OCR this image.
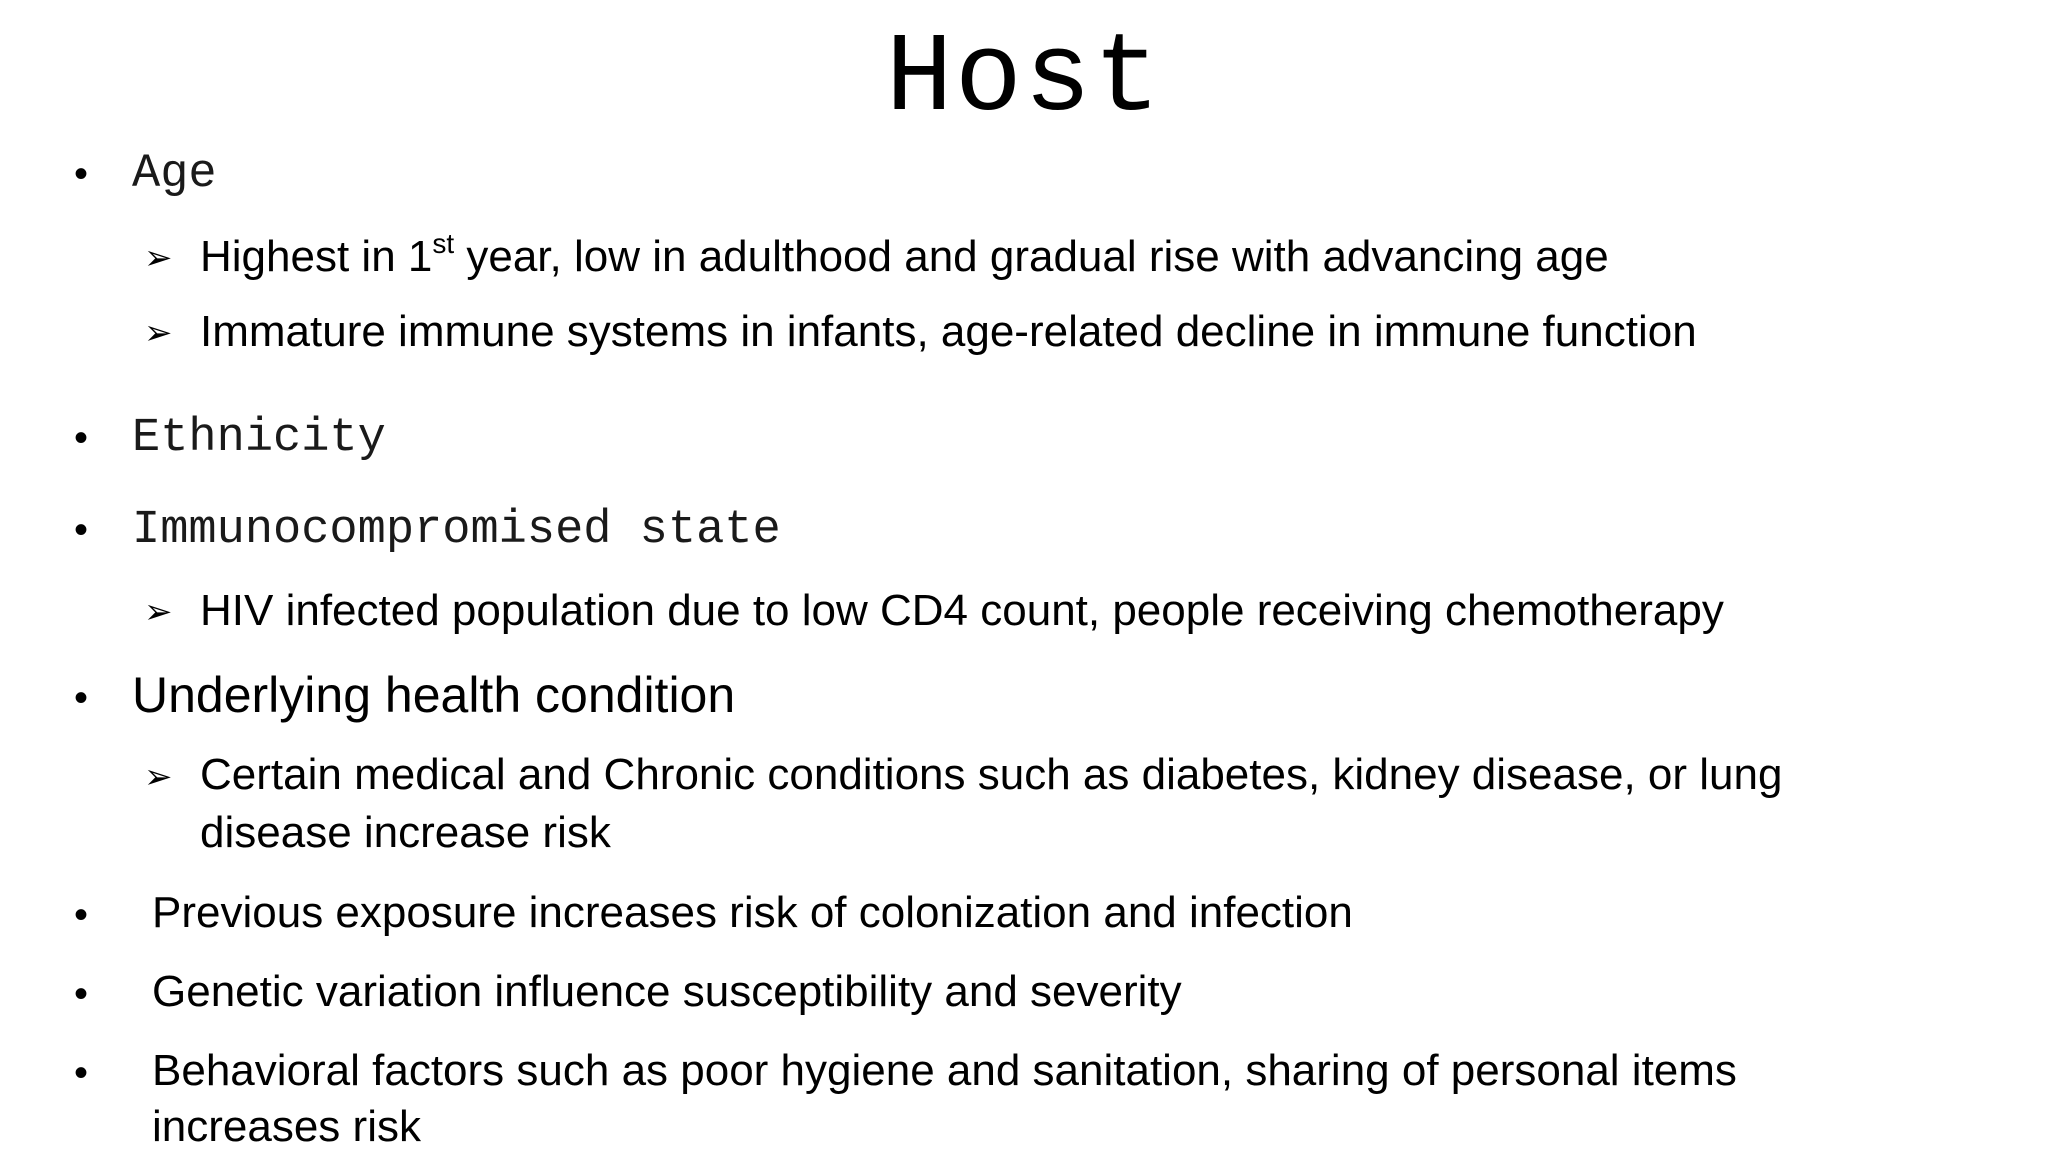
Host
• Age
➢ Highest in 1st year, low in adulthood and gradual rise with advancing age
➢ Immature immune systems in infants, age-related decline in immune function
• Ethnicity
• Immunocompromised state
➢ HIV infected population due to low CD4 count, people receiving chemotherapy
• Underlying health condition
➢ Certain medical and Chronic conditions such as diabetes, kidney disease, or lung
disease increase risk
• Previous exposure increases risk of colonization and infection
• Genetic variation influence susceptibility and severity
• Behavioral factors such as poor hygiene and sanitation, sharing of personal items
increases risk
